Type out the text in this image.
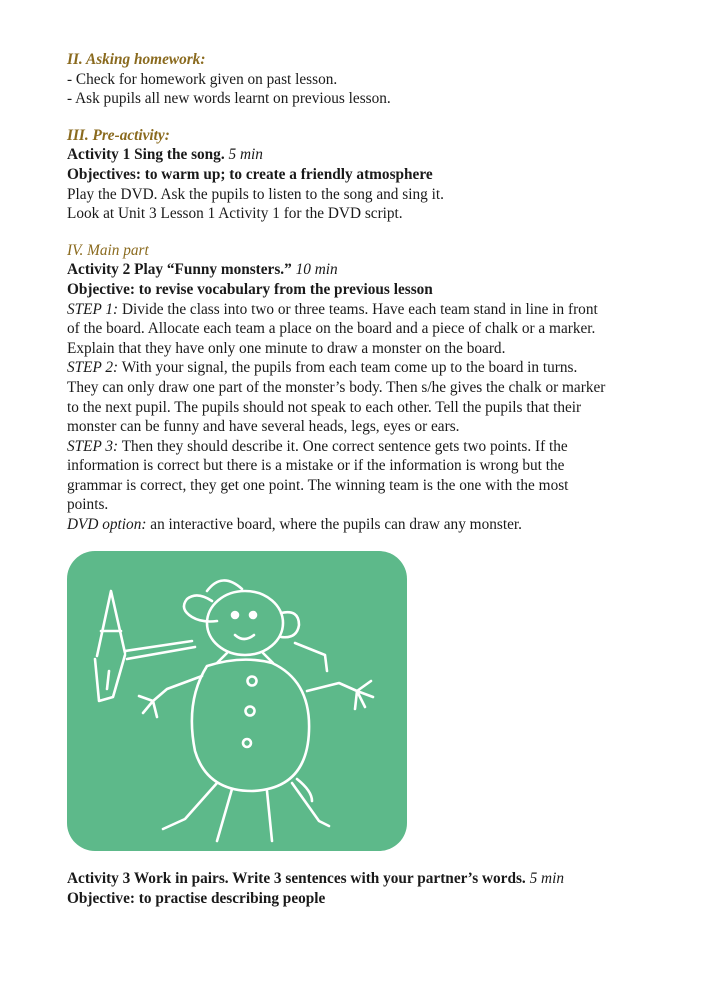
II. Asking homework:
- Check for homework given on past lesson.
- Ask pupils all new words learnt on previous lesson.
III. Pre-activity:
Activity 1 Sing the song. 5 min
Objectives: to warm up; to create a friendly atmosphere
Play the DVD. Ask the pupils to listen to the song and sing it.
Look at Unit 3 Lesson 1 Activity 1 for the DVD script.
IV. Main part
Activity 2 Play “Funny monsters.” 10 min
Objective: to revise vocabulary from the previous lesson
STEP 1: Divide the class into two or three teams. Have each team stand in line in front
of the board. Allocate each team a place on the board and a piece of chalk or a marker.
Explain that they have only one minute to draw a monster on the board.
STEP 2: With your signal, the pupils from each team come up to the board in turns.
They can only draw one part of the monster’s body. Then s/he gives the chalk or marker
to the next pupil. The pupils should not speak to each other. Tell the pupils that their
monster can be funny and have several heads, legs, eyes or ears.
STEP 3: Then they should describe it. One correct sentence gets two points. If the
information is correct but there is a mistake or if the information is wrong but the
grammar is correct, they get one point. The winning team is the one with the most
points.
DVD option: an interactive board, where the pupils can draw any monster.
Activity 3 Work in pairs. Write 3 sentences with your partner’s words. 5 min
Objective: to practise describing people
